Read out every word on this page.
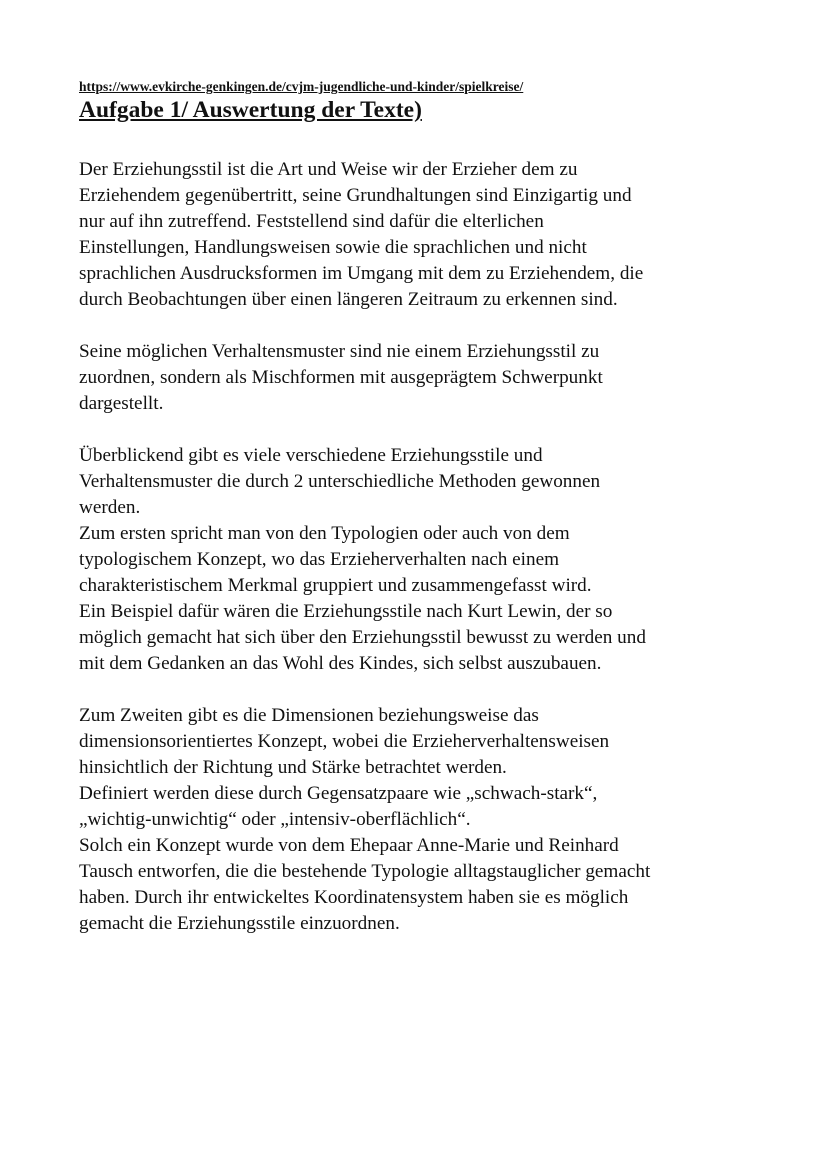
https://www.evkirche-genkingen.de/cvjm-jugendliche-und-kinder/spielkreise/

Aufgabe 1/ Auswertung der Texte)

Der Erziehungsstil ist die Art und Weise wir der Erzieher dem zu
Erziehendem gegenübertritt, seine Grundhaltungen sind Einzigartig und
nur auf ihn zutreffend. Feststellend sind dafür die elterlichen
Einstellungen, Handlungsweisen sowie die sprachlichen und nicht
sprachlichen Ausdrucksformen im Umgang mit dem zu Erziehendem, die
durch Beobachtungen über einen längeren Zeitraum zu erkennen sind.

Seine möglichen Verhaltensmuster sind nie einem Erziehungsstil zu
zuordnen, sondern als Mischformen mit ausgeprägtem Schwerpunkt
dargestellt.

Überblickend gibt es viele verschiedene Erziehungsstile und
Verhaltensmuster die durch 2 unterschiedliche Methoden gewonnen
werden.
Zum ersten spricht man von den Typologien oder auch von dem
typologischem Konzept, wo das Erzieherverhalten nach einem
charakteristischem Merkmal gruppiert und zusammengefasst wird.
Ein Beispiel dafür wären die Erziehungsstile nach Kurt Lewin, der so
möglich gemacht hat sich über den Erziehungsstil bewusst zu werden und
mit dem Gedanken an das Wohl des Kindes, sich selbst auszubauen.

Zum Zweiten gibt es die Dimensionen beziehungsweise das
dimensionsorientiertes Konzept, wobei die Erzieherverhaltensweisen
hinsichtlich der Richtung und Stärke betrachtet werden.
Definiert werden diese durch Gegensatzpaare wie „schwach-stark“,
„wichtig-unwichtig“ oder „intensiv-oberflächlich“.
Solch ein Konzept wurde von dem Ehepaar Anne-Marie und Reinhard
Tausch entworfen, die die bestehende Typologie alltagstauglicher gemacht
haben. Durch ihr entwickeltes Koordinatensystem haben sie es möglich
gemacht die Erziehungsstile einzuordnen.
